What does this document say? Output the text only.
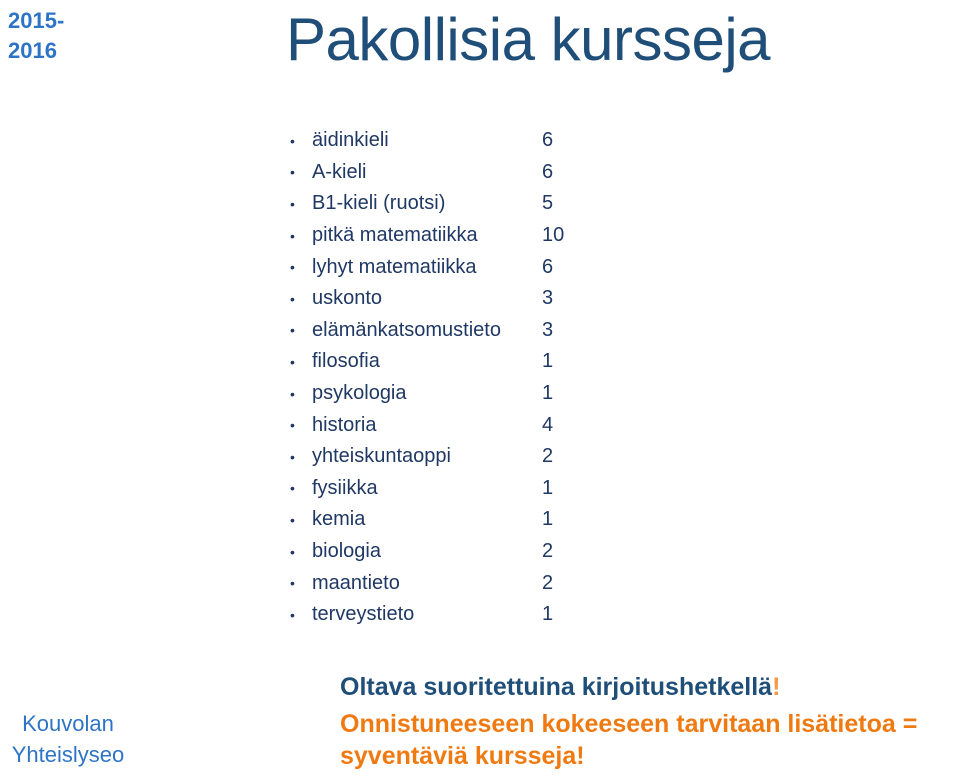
2015-
2016	Pakollisia kursseja
• äidinkieli	6
• A-kieli	6
• B1-kieli (ruotsi)	5
• pitkä matematiikka	10
• lyhyt matematiikka	6
• uskonto	3
• elämänkatsomustieto	3
• filosofia	1
• psykologia	1
• historia	4
• yhteiskuntaoppi	2
• fysiikka	1
• kemia	1
• biologia	2
• maantieto	2
• terveystieto	1
Kouvolan
Yhteislyseo
Oltava suoritettuina kirjoitushetkellä!
Onnistuneeseen kokeeseen tarvitaan lisätietoa = syventäviä kursseja!
